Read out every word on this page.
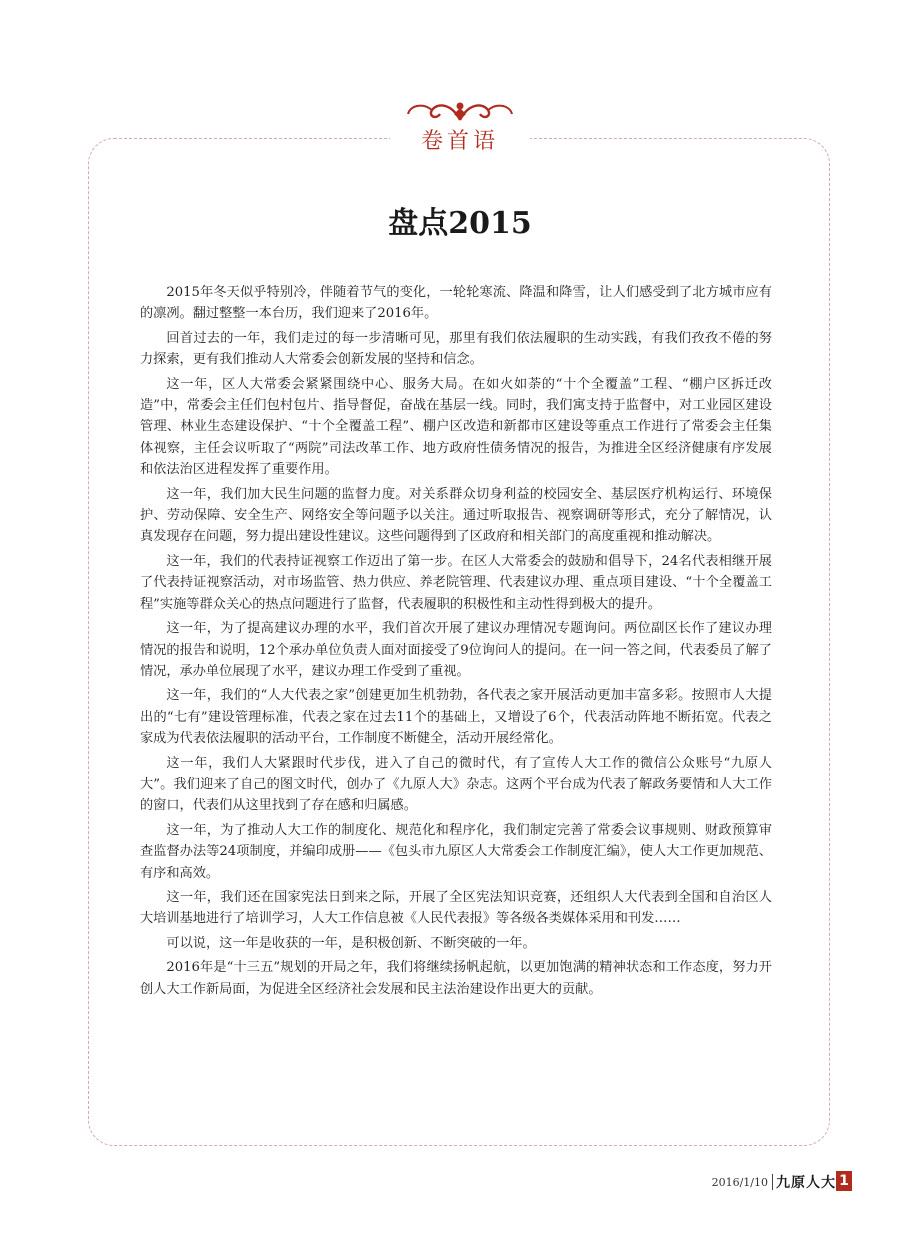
卷首语
盘点2015

2015年冬天似乎特别冷，伴随着节气的变化，一轮轮寒流、降温和降雪，让人们感受到了北方城市应有的凛冽。翻过整整一本台历，我们迎来了2016年。

回首过去的一年，我们走过的每一步清晰可见，那里有我们依法履职的生动实践，有我们孜孜不倦的努力探索，更有我们推动人大常委会创新发展的坚持和信念。

这一年，区人大常委会紧紧围绕中心、服务大局。在如火如荼的“十个全覆盖”工程、“棚户区拆迁改造”中，常委会主任们包村包片、指导督促，奋战在基层一线。同时，我们寓支持于监督中，对工业园区建设管理、林业生态建设保护、“十个全覆盖工程”、棚户区改造和新都市区建设等重点工作进行了常委会主任集体视察，主任会议听取了“两院”司法改革工作、地方政府性债务情况的报告，为推进全区经济健康有序发展和依法治区进程发挥了重要作用。

这一年，我们加大民生问题的监督力度。对关系群众切身利益的校园安全、基层医疗机构运行、环境保护、劳动保障、安全生产、网络安全等问题予以关注。通过听取报告、视察调研等形式，充分了解情况，认真发现存在问题，努力提出建设性建议。这些问题得到了区政府和相关部门的高度重视和推动解决。

这一年，我们的代表持证视察工作迈出了第一步。在区人大常委会的鼓励和倡导下，24名代表相继开展了代表持证视察活动，对市场监管、热力供应、养老院管理、代表建议办理、重点项目建设、“十个全覆盖工程”实施等群众关心的热点问题进行了监督，代表履职的积极性和主动性得到极大的提升。

这一年，为了提高建议办理的水平，我们首次开展了建议办理情况专题询问。两位副区长作了建议办理情况的报告和说明，12个承办单位负责人面对面接受了9位询问人的提问。在一问一答之间，代表委员了解了情况，承办单位展现了水平，建议办理工作受到了重视。

这一年，我们的“人大代表之家”创建更加生机勃勃，各代表之家开展活动更加丰富多彩。按照市人大提出的“七有”建设管理标准，代表之家在过去11个的基础上，又增设了6个，代表活动阵地不断拓宽。代表之家成为代表依法履职的活动平台，工作制度不断健全，活动开展经常化。

这一年，我们人大紧跟时代步伐，进入了自己的微时代，有了宣传人大工作的微信公众账号“九原人大”。我们迎来了自己的图文时代，创办了《九原人大》杂志。这两个平台成为代表了解政务要情和人大工作的窗口，代表们从这里找到了存在感和归属感。

这一年，为了推动人大工作的制度化、规范化和程序化，我们制定完善了常委会议事规则、财政预算审查监督办法等24项制度，并编印成册——《包头市九原区人大常委会工作制度汇编》，使人大工作更加规范、有序和高效。

这一年，我们还在国家宪法日到来之际，开展了全区宪法知识竞赛，还组织人大代表到全国和自治区人大培训基地进行了培训学习，人大工作信息被《人民代表报》等各级各类媒体采用和刊发……

可以说，这一年是收获的一年，是积极创新、不断突破的一年。

2016年是“十三五”规划的开局之年，我们将继续扬帆起航，以更加饱满的精神状态和工作态度，努力开创人大工作新局面，为促进全区经济社会发展和民主法治建设作出更大的贡献。

2016/1/10 九原人大 1
